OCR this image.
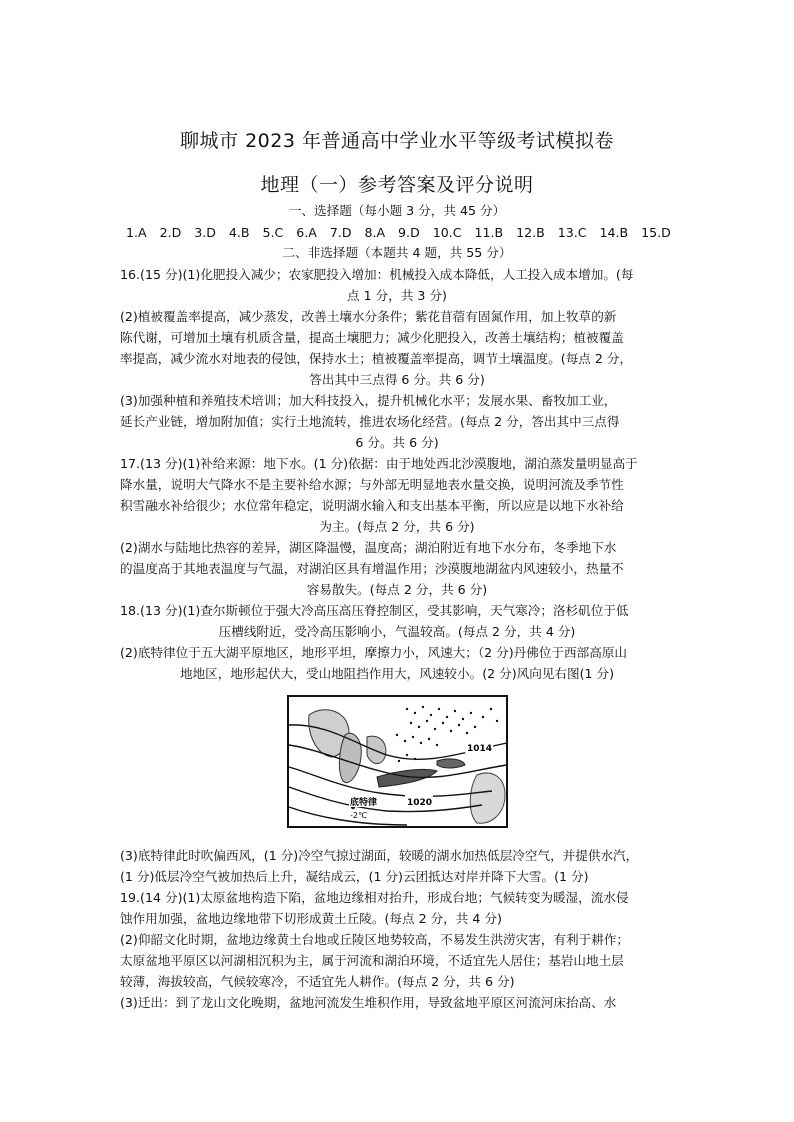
聊城市 2023 年普通高中学业水平等级考试模拟卷
地理（一）参考答案及评分说明
一、选择题（每小题 3 分，共 45 分）
1.A 2.D 3.D 4.B 5.C 6.A 7.D 8.A 9.D 10.C 11.B 12.B 13.C 14.B 15.D
二、非选择题（本题共 4 题，共 55 分）
16.(15 分)(1)化肥投入减少；农家肥投入增加：机械投入成本降低，人工投入成本增加。(每
点 1 分，共 3 分)
(2)植被覆盖率提高，减少蒸发，改善土壤水分条件；紫花苜蓿有固氮作用，加上牧草的新
陈代谢，可增加土壤有机质含量，提高土壤肥力；减少化肥投入，改善土壤结构；植被覆盖
率提高，减少流水对地表的侵蚀，保持水土；植被覆盖率提高，调节土壤温度。(每点 2 分，
答出其中三点得 6 分。共 6 分)
(3)加强种植和养殖技术培训；加大科技投入，提升机械化水平；发展水果、畜牧加工业，
延长产业链，增加附加值；实行土地流转，推进农场化经营。(每点 2 分，答出其中三点得
6 分。共 6 分)
17.(13 分)(1)补给来源：地下水。(1 分)依据：由于地处西北沙漠腹地，湖泊蒸发量明显高于
降水量，说明大气降水不是主要补给水源；与外部无明显地表水量交换，说明河流及季节性
积雪融水补给很少；水位常年稳定，说明湖水输入和支出基本平衡，所以应是以地下水补给
为主。(每点 2 分，共 6 分)
(2)湖水与陆地比热容的差异，湖区降温慢，温度高；湖泊附近有地下水分布，冬季地下水
的温度高于其地表温度与气温，对湖泊区具有增温作用；沙漠腹地湖盆内风速较小，热量不
容易散失。(每点 2 分，共 6 分)
18.(13 分)(1)查尔斯顿位于强大冷高压高压脊控制区，受其影响，天气寒冷；洛杉矶位于低
压槽线附近，受冷高压影响小，气温较高。(每点 2 分，共 4 分)
(2)底特律位于五大湖平原地区，地形平坦，摩擦力小，风速大；（2 分)丹佛位于西部高原山
地地区，地形起伏大，受山地阻挡作用大，风速较小。(2 分)风向见右图(1 分)
1014
1020
底特律
-2℃
(3)底特律此时吹偏西风，(1 分)冷空气掠过湖面，较暖的湖水加热低层冷空气，并提供水汽，
(1 分)低层冷空气被加热后上升，凝结成云，(1 分)云团抵达对岸并降下大雪。(1 分)
19.(14 分)(1)太原盆地构造下陷，盆地边缘相对抬升，形成台地；气候转变为暖湿，流水侵
蚀作用加强，盆地边缘地带下切形成黄土丘陵。(每点 2 分，共 4 分)
(2)仰韶文化时期，盆地边缘黄土台地或丘陵区地势较高，不易发生洪涝灾害，有利于耕作；
太原盆地平原区以河湖相沉积为主，属于河流和湖泊环境，不适宜先人居住；基岩山地土层
较薄，海拔较高，气候较寒冷，不适宜先人耕作。(每点 2 分，共 6 分)
(3)迁出：到了龙山文化晚期，盆地河流发生堆积作用，导致盆地平原区河流河床抬高、水
